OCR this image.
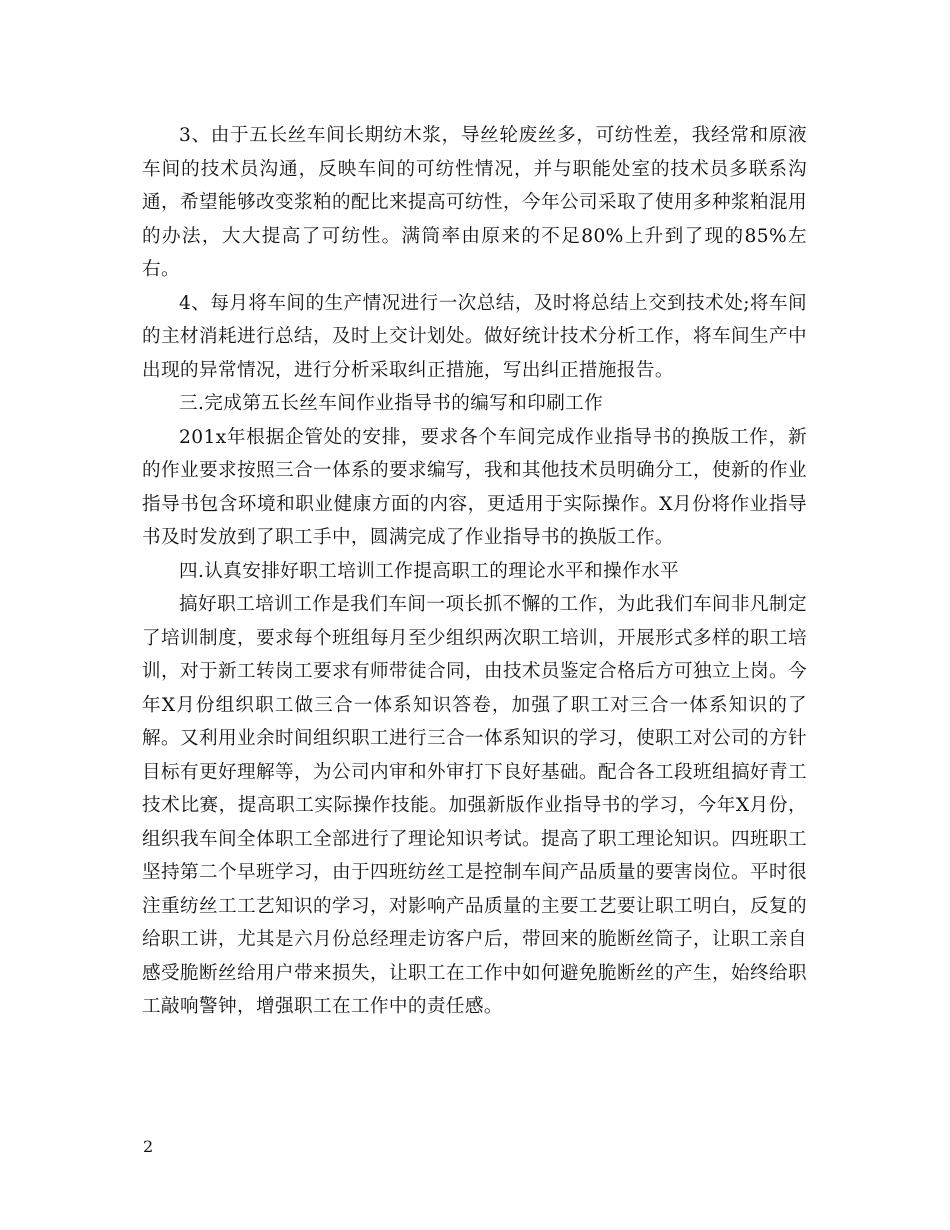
3、由于五长丝车间长期纺木浆，导丝轮废丝多，可纺性差，我经常和原液车间的技术员沟通，反映车间的可纺性情况，并与职能处室的技术员多联系沟通，希望能够改变浆粕的配比来提高可纺性，今年公司采取了使用多种浆粕混用的办法，大大提高了可纺性。满筒率由原来的不足80%上升到了现的85%左右。

4、每月将车间的生产情况进行一次总结，及时将总结上交到技术处;将车间的主材消耗进行总结，及时上交计划处。做好统计技术分析工作，将车间生产中出现的异常情况，进行分析采取纠正措施，写出纠正措施报告。

三.完成第五长丝车间作业指导书的编写和印刷工作

201x年根据企管处的安排，要求各个车间完成作业指导书的换版工作，新的作业要求按照三合一体系的要求编写，我和其他技术员明确分工，使新的作业指导书包含环境和职业健康方面的内容，更适用于实际操作。X月份将作业指导书及时发放到了职工手中，圆满完成了作业指导书的换版工作。

四.认真安排好职工培训工作提高职工的理论水平和操作水平

搞好职工培训工作是我们车间一项长抓不懈的工作，为此我们车间非凡制定了培训制度，要求每个班组每月至少组织两次职工培训，开展形式多样的职工培训，对于新工转岗工要求有师带徒合同，由技术员鉴定合格后方可独立上岗。今年X月份组织职工做三合一体系知识答卷，加强了职工对三合一体系知识的了解。又利用业余时间组织职工进行三合一体系知识的学习，使职工对公司的方针目标有更好理解等，为公司内审和外审打下良好基础。配合各工段班组搞好青工技术比赛，提高职工实际操作技能。加强新版作业指导书的学习，今年X月份，组织我车间全体职工全部进行了理论知识考试。提高了职工理论知识。四班职工坚持第二个早班学习，由于四班纺丝工是控制车间产品质量的要害岗位。平时很注重纺丝工工艺知识的学习，对影响产品质量的主要工艺要让职工明白，反复的给职工讲，尤其是六月份总经理走访客户后，带回来的脆断丝筒子，让职工亲自感受脆断丝给用户带来损失，让职工在工作中如何避免脆断丝的产生，始终给职工敲响警钟，增强职工在工作中的责任感。

2
